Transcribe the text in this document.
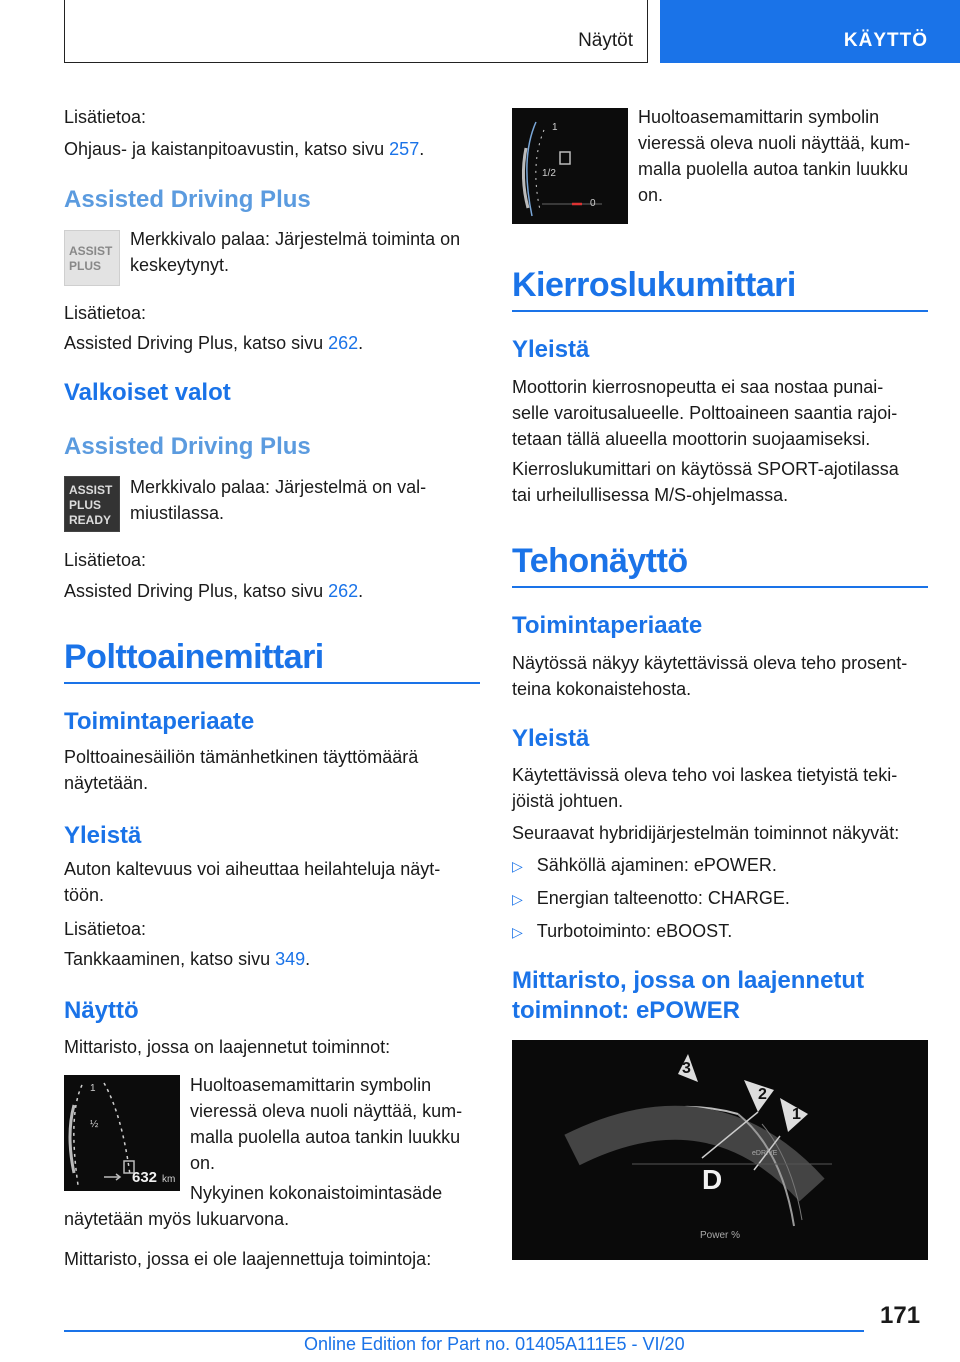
Näytöt	KÄYTTÖ
Lisätietoa:
Ohjaus- ja kaistanpitoavustin, katso sivu 257.
Assisted Driving Plus
ASSIST PLUS
Merkkivalo palaa: Järjestelmä toiminta on
keskeytynyt.
Lisätietoa:
Assisted Driving Plus, katso sivu 262.
Valkoiset valot
Assisted Driving Plus
ASSIST PLUS READY
Merkkivalo palaa: Järjestelmä on val-
miustilassa.
Lisätietoa:
Assisted Driving Plus, katso sivu 262.
Polttoainemittari
Toimintaperiaate
Polttoainesäiliön tämänhetkinen täyttömäärä
näytetään.
Yleistä
Auton kaltevuus voi aiheuttaa heilahteluja näyt-
töön.
Lisätietoa:
Tankkaaminen, katso sivu 349.
Näyttö
Mittaristo, jossa on laajennetut toiminnot:
1
½
632 km
Huoltoasemamittarin symbolin
vieressä oleva nuoli näyttää, kum-
malla puolella autoa tankin luukku
on.
Nykyinen kokonaistoimintasäde
näytetään myös lukuarvona.
Mittaristo, jossa ei ole laajennettuja toimintoja:
1
1/2
0
Huoltoasemamittarin symbolin
vieressä oleva nuoli näyttää, kum-
malla puolella autoa tankin luukku
on.
Kierroslukumittari
Yleistä
Moottorin kierrosnopeutta ei saa nostaa punai-
selle varoitusalueelle. Polttoaineen saantia rajoi-
tetaan tällä alueella moottorin suojaamiseksi.
Kierroslukumittari on käytössä SPORT-ajotilassa
tai urheilullisessa M/S-ohjelmassa.
Tehonäyttö
Toimintaperiaate
Näytössä näkyy käytettävissä oleva teho prosent-
teina kokonaistehosta.
Yleistä
Käytettävissä oleva teho voi laskea tietyistä teki-
jöistä johtuen.
Seuraavat hybridijärjestelmän toiminnot näkyvät:
▷ Sähköllä ajaminen: ePOWER.
▷ Energian talteenotto: CHARGE.
▷ Turbotoiminto: eBOOST.
Mittaristo, jossa on laajennetut
toiminnot: ePOWER
3
2
1
D
Power %
eDRIVE
171
Online Edition for Part no. 01405A111E5 - VI/20
